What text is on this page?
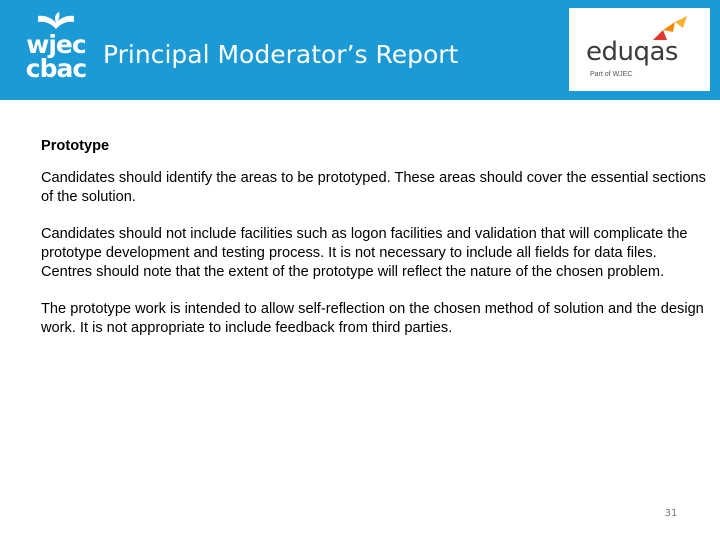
wjec
cbac Principal Moderator’s Report	eduqas
Part of WJEC
Prototype
Candidates should identify the areas to be prototyped. These areas should cover the essential sections of the solution.
Candidates should not include facilities such as logon facilities and validation that will complicate the prototype development and testing process. It is not necessary to include all fields for data files. Centres should note that the extent of the prototype will reflect the nature of the chosen problem.
The prototype work is intended to allow self-reflection on the chosen method of solution and the design work. It is not appropriate to include feedback from third parties.
31
